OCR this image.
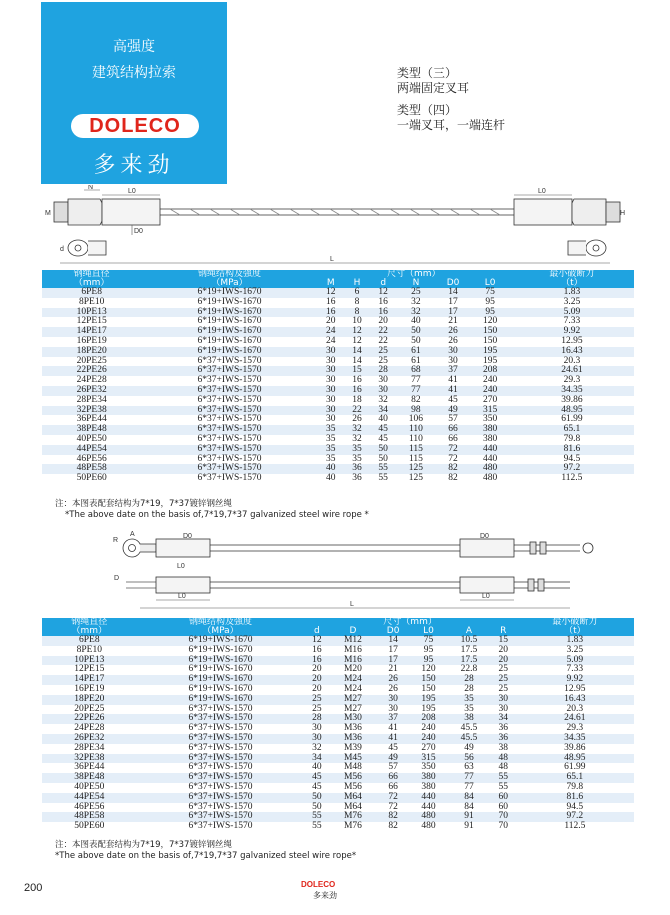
高强度
建筑结构拉索
DOLECO
多来劲
类型（三）
两端固定叉耳
类型（四）
一端叉耳，一端连杆
N
L0	L0
M
D0
H
d
L
钢绳直径	钢绳结构及强度	尺寸（mm）						最小破断力
（mm）	（MPa）	M	H	d	N	D0	L0	（t）
6PE8	6*19+IWS-1670	12	6	12	25	14	75	1.83
8PE10	6*19+IWS-1670	16	8	16	32	17	95	3.25
10PE13	6*19+IWS-1670	16	8	16	32	17	95	5.09
12PE15	6*19+IWS-1670	20	10	20	40	21	120	7.33
14PE17	6*19+IWS-1670	24	12	22	50	26	150	9.92
16PE19	6*19+IWS-1670	24	12	22	50	26	150	12.95
18PE20	6*19+IWS-1670	30	14	25	61	30	195	16.43
20PE25	6*37+IWS-1570	30	14	25	61	30	195	20.3
22PE26	6*37+IWS-1570	30	15	28	68	37	208	24.61
24PE28	6*37+IWS-1570	30	16	30	77	41	240	29.3
26PE32	6*37+IWS-1570	30	16	30	77	41	240	34.35
28PE34	6*37+IWS-1570	30	18	32	82	45	270	39.86
32PE38	6*37+IWS-1570	30	22	34	98	49	315	48.95
36PE44	6*37+IWS-1570	30	26	40	106	57	350	61.99
38PE48	6*37+IWS-1570	35	32	45	110	66	380	65.1
40PE50	6*37+IWS-1570	35	32	45	110	66	380	79.8
44PE54	6*37+IWS-1570	35	35	50	115	72	440	81.6
46PE56	6*37+IWS-1570	35	35	50	115	72	440	94.5
48PE58	6*37+IWS-1570	40	36	55	125	82	480	97.2
50PE60	6*37+IWS-1570	40	36	55	125	82	480	112.5
注：本图表配套结构为7*19，7*37镀锌钢丝绳
*The above date on the basis of,7*19,7*37 galvanized steel wire rope *
R
A
L0
D0	D0
D
L0	L0
L
钢绳直径	钢绳结构及强度	尺寸（mm）						最小破断力
（mm）	（MPa）	d	D	D0	L0	A	R	（t）
6PE8	6*19+IWS-1670	12	M12	14	75	10.5	15	1.83
8PE10	6*19+IWS-1670	16	M16	17	95	17.5	20	3.25
10PE13	6*19+IWS-1670	16	M16	17	95	17.5	20	5.09
12PE15	6*19+IWS-1670	20	M20	21	120	22.8	25	7.33
14PE17	6*19+IWS-1670	20	M24	26	150	28	25	9.92
16PE19	6*19+IWS-1670	20	M24	26	150	28	25	12.95
18PE20	6*19+IWS-1670	25	M27	30	195	35	30	16.43
20PE25	6*37+IWS-1570	25	M27	30	195	35	30	20.3
22PE26	6*37+IWS-1570	28	M30	37	208	38	34	24.61
24PE28	6*37+IWS-1570	30	M36	41	240	45.5	36	29.3
26PE32	6*37+IWS-1570	30	M36	41	240	45.5	36	34.35
28PE34	6*37+IWS-1570	32	M39	45	270	49	38	39.86
32PE38	6*37+IWS-1570	34	M45	49	315	56	48	48.95
36PE44	6*37+IWS-1570	40	M48	57	350	63	48	61.99
38PE48	6*37+IWS-1570	45	M56	66	380	77	55	65.1
40PE50	6*37+IWS-1570	45	M56	66	380	77	55	79.8
44PE54	6*37+IWS-1570	50	M64	72	440	84	60	81.6
46PE56	6*37+IWS-1570	50	M64	72	440	84	60	94.5
48PE58	6*37+IWS-1570	55	M76	82	480	91	70	97.2
50PE60	6*37+IWS-1570	55	M76	82	480	91	70	112.5
注：本图表配套结构为7*19，7*37镀锌钢丝绳
*The above date on the basis of,7*19,7*37 galvanized steel wire rope*
200	DOLECO
多来劲
